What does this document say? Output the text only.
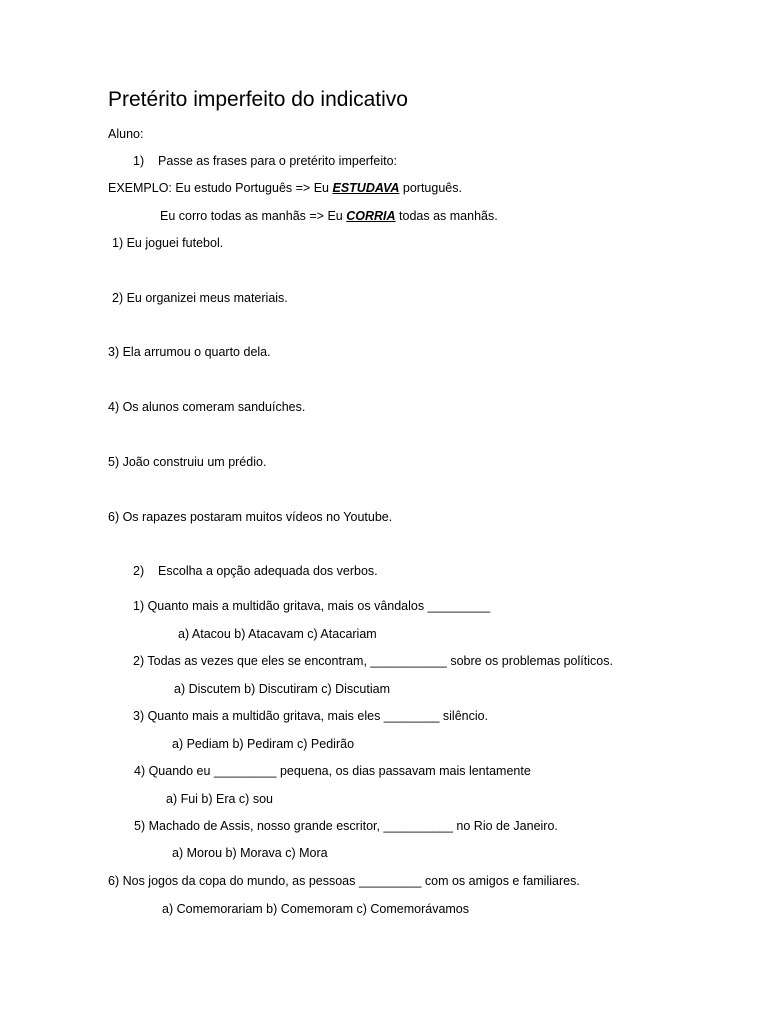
Pretérito imperfeito do indicativo
Aluno:
1) Passe as frases para o pretérito imperfeito:
EXEMPLO: Eu estudo Português => Eu ESTUDAVA português.
Eu corro todas as manhãs => Eu CORRIA todas as manhãs.
1) Eu joguei futebol.
2) Eu organizei meus materiais.
3) Ela arrumou o quarto dela.
4) Os alunos comeram sanduíches.
5) João construiu um prédio.
6) Os rapazes postaram muitos vídeos no Youtube.
2) Escolha a opção adequada dos verbos.
1) Quanto mais a multidão gritava, mais os vândalos _________
a) Atacou b) Atacavam c) Atacariam
2) Todas as vezes que eles se encontram, ___________ sobre os problemas políticos.
a) Discutem b) Discutiram c) Discutiam
3) Quanto mais a multidão gritava, mais eles ________ silêncio.
a) Pediam b) Pediram c) Pedirão
4) Quando eu _________ pequena, os dias passavam mais lentamente
a) Fui b) Era c) sou
5) Machado de Assis, nosso grande escritor, __________ no Rio de Janeiro.
a) Morou b) Morava c) Mora
6) Nos jogos da copa do mundo, as pessoas _________ com os amigos e familiares.
a) Comemorariam b) Comemoram c) Comemorávamos
